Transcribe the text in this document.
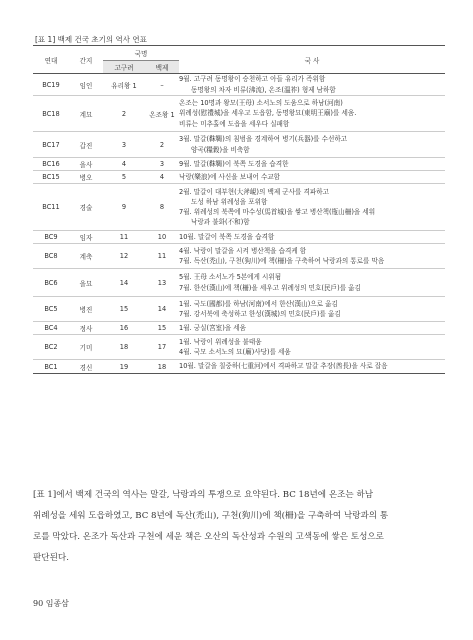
[표 1] 백제 건국 초기의 역사 연표
연대	간지	국명		국 사
		고구려	백제	
BC19	임인	유리왕 1	–	9월. 고구려 동명왕이 승천하고 아들 유리가 즉위함
동명왕의 차자 비류(沸流), 온조(溫祚) 형제 남하함

BC18	계묘	2	온조왕 1	온조는 10명과 왕모(王母) 소서노의 도움으로 하남(河南)
위례성(慰禮城)을 세우고 도읍함, 동명왕묘(東明王廟)를 세움.
비류는 미추홀에 도읍을 세우다 실패함

BC17	갑진	3	2	3월. 말갈(靺鞨)의 침범을 경계하여 병기(兵器)를 수선하고
양곡(糧穀)을 비축함

BC16	을사	4	3	9월. 말갈(靺鞨)이 북쪽 도경을 습격한

BC15	병오	5	4	낙랑(樂浪)에 사신을 보내어 수교함

BC11	경술	9	8	2월. 말갈이 대부현(大斧峴)의 백제 군사를 격파하고
도성 하남 위례성을 포위함
7월. 위례성의 북쪽에 마수성(馬首城)을 쌓고 병산책(甁山柵)을 세워
낙랑과 불화(不和)함

BC9	임자	11	10	10월. 말갈이 북쪽 도경을 습격함

BC8	계축	12	11	4월. 낙랑이 말갈을 시켜 병산책을 습격케 함
7월. 독산(禿山), 구천(狗川)에 책(柵)을 구축하여 낙랑과의 통로를 막음

BC6	을묘	14	13	5월. 王母 소서노가 5본에게 시위됨
7월. 한산(漢山)에 책(柵)을 세우고 위례성의 민호(民戶)를 옮김

BC5	병진	15	14	1월. 국도(國都)를 하남(河南)에서 한산(漢山)으로 옮김
7월. 강서북에 축성하고 한성(漢城)의 민호(民戶)를 옮김

BC4	정사	16	15	1월. 궁실(宮室)을 세움

BC2	기미	18	17	1월. 낙랑이 위례성을 불태움
4월. 국모 소서노의 묘(廟)사당)를 세움

BC1	경신	19	18	10월. 말갈을 칠중하(七重河)에서 격파하고 말갈 추장(酋長)을 사로 잡음
[표 1]에서 백제 건국의 역사는 말갈, 낙랑과의 투쟁으로 요약된다. BC 18년에 온조는 하남
위례성을 세워 도읍하였고, BC 8년에 독산(禿山), 구천(狗川)에 책(柵)을 구축하여 낙랑과의 통
로를 막았다. 온조가 독산과 구천에 세운 책은 오산의 독산성과 수원의 고색동에 쌓은 토성으로
판단된다.
90 임종삼
